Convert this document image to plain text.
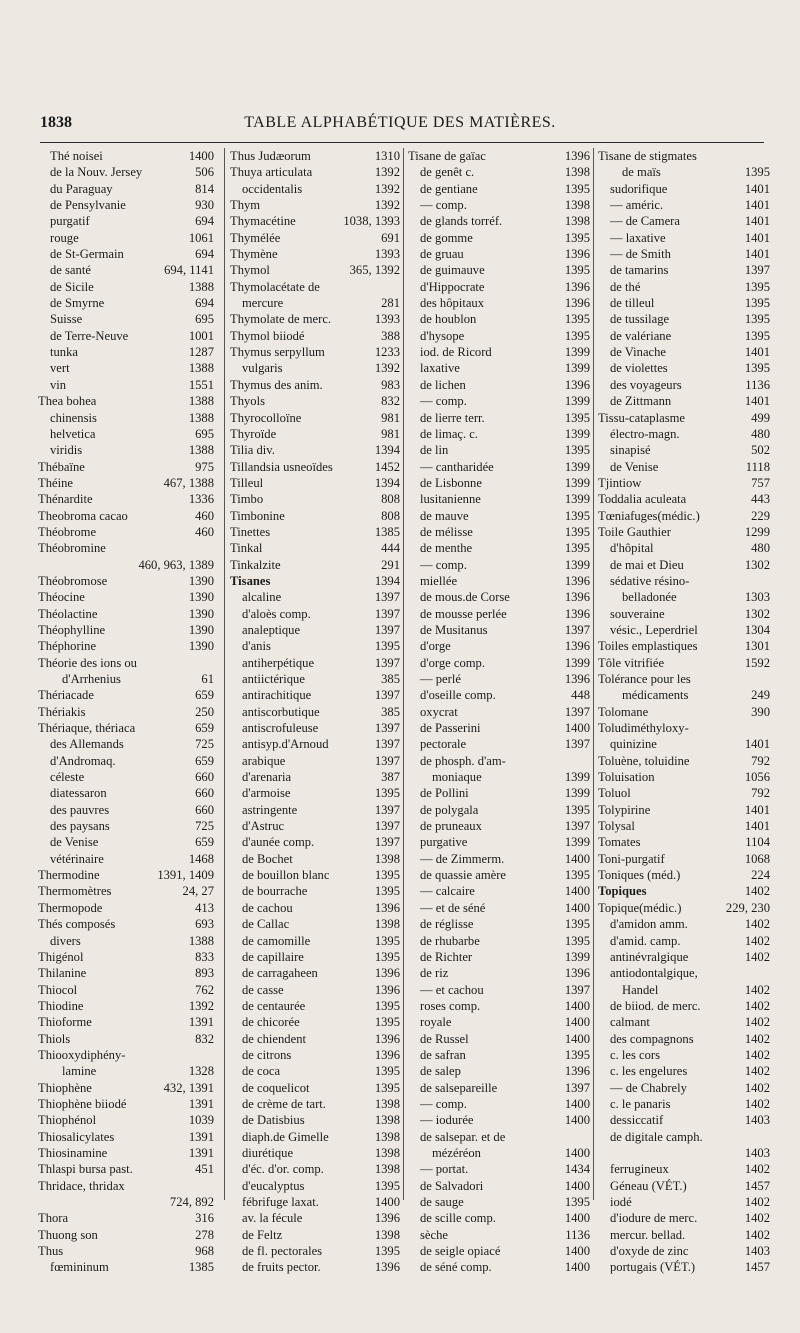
1838	TABLE ALPHABÉTIQUE DES MATIÈRES.
Thé noisei	1400
de la Nouv. Jersey	506
du Paraguay	814
de Pensylvanie	930
purgatif	694
rouge	1061
de St-Germain	694
de santé	694, 1141
de Sicile	1388
de Smyrne	694
Suisse	695
de Terre-Neuve	1001
tunka	1287
vert	1388
vin	1551
Thea bohea	1388
chinensis	1388
helvetica	695
viridis	1388
Thébaïne	975
Théine	467, 1388
Thénardite	1336
Theobroma cacao	460
Théobrome	460
Théobromine
460, 963, 1389
Théobromose	1390
Théocine	1390
Théolactine	1390
Théophylline	1390
Théphorine	1390
Théorie des ions ou
d'Arrhenius	61
Thériacade	659
Thériakis	250
Thériaque, thériaca	659
des Allemands	725
d'Andromaq.	659
céleste	660
diatessaron	660
des pauvres	660
des paysans	725
de Venise	659
vétérinaire	1468
Thermodine	1391, 1409
Thermomètres	24, 27
Thermopode	413
Thés composés	693
divers	1388
Thigénol	833
Thilanine	893
Thiocol	762
Thiodine	1392
Thioforme	1391
Thiols	832
Thiooxydiphény-
lamine	1328
Thiophène	432, 1391
Thiophène biiodé	1391
Thiophénol	1039
Thiosalicylates	1391
Thiosinamine	1391
Thlaspi bursa past.	451
Thridace, thridax
724, 892
Thora	316
Thuong son	278
Thus	968
fœmininum	1385
Thus Judæorum	1310
Thuya articulata	1392
occidentalis	1392
Thym	1392
Thymacétine	1038, 1393
Thymélée	691
Thymène	1393
Thymol	365, 1392
Thymolacétate de
mercure	281
Thymolate de merc.	1393
Thymol biiodé	388
Thymus serpyllum	1233
vulgaris	1392
Thymus des anim.	983
Thyols	832
Thyrocolloïne	981
Thyroïde	981
Tilia div.	1394
Tillandsia usneoïdes	1452
Tilleul	1394
Timbo	808
Timbonine	808
Tinettes	1385
Tinkal	444
Tinkalzite	291
Tisanes	1394
alcaline	1397
d'aloès comp.	1397
analeptique	1397
d'anis	1395
antiherpétique	1397
antiictérique	385
antirachitique	1397
antiscorbutique	385
antiscrofuleuse	1397
antisyp.d'Arnoud	1397
arabique	1397
d'arenaria	387
d'armoise	1395
astringente	1397
d'Astruc	1397
d'aunée comp.	1397
de Bochet	1398
de bouillon blanc	1395
de bourrache	1395
de cachou	1396
de Callac	1398
de camomille	1395
de capillaire	1395
de carragaheen	1396
de casse	1396
de centaurée	1395
de chicorée	1395
de chiendent	1396
de citrons	1396
de coca	1395
de coquelicot	1395
de crème de tart.	1398
de Datisbius	1398
diaph.de Gimelle	1398
diurétique	1398
d'éc. d'or. comp.	1398
d'eucalyptus	1395
fébrifuge laxat.	1400
av. la fécule	1396
de Feltz	1398
de fl. pectorales	1395
de fruits pector.	1396
Tisane de gaïac	1396
de genêt c.	1398
de gentiane	1395
— comp.	1398
de glands torréf.	1398
de gomme	1395
de gruau	1396
de guimauve	1395
d'Hippocrate	1396
des hôpitaux	1396
de houblon	1395
d'hysope	1395
iod. de Ricord	1399
laxative	1399
de lichen	1396
— comp.	1399
de lierre terr.	1395
de limaç. c.	1399
de lin	1395
— cantharidée	1399
de Lisbonne	1399
lusitanienne	1399
de mauve	1395
de mélisse	1395
de menthe	1395
— comp.	1399
miellée	1396
de mous.de Corse	1396
de mousse perlée	1396
de Musitanus	1397
d'orge	1396
d'orge comp.	1399
— perlé	1396
d'oseille comp.	448
oxycrat	1397
de Passerini	1400
pectorale	1397
de phosph. d'am-
moniaque	1399
de Pollini	1399
de polygala	1395
de pruneaux	1397
purgative	1399
— de Zimmerm.	1400
de quassie amère	1395
— calcaire	1400
— et de séné	1400
de réglisse	1395
de rhubarbe	1395
de Richter	1399
de riz	1396
— et cachou	1397
roses comp.	1400
royale	1400
de Russel	1400
de safran	1395
de salep	1396
de salsepareille	1397
— comp.	1400
— iodurée	1400
de salsepar. et de
mézéréon	1400
— portat.	1434
de Salvadori	1400
de sauge	1395
de scille comp.	1400
sèche	1136
de seigle opiacé	1400
de séné comp.	1400
Tisane de stigmates
de maïs	1395
sudorifique	1401
— améric.	1401
— de Camera	1401
— laxative	1401
— de Smith	1401
de tamarins	1397
de thé	1395
de tilleul	1395
de tussilage	1395
de valériane	1395
de Vinache	1401
de violettes	1395
des voyageurs	1136
de Zittmann	1401
Tissu-cataplasme	499
électro-magn.	480
sinapisé	502
de Venise	1118
Tjintiow	757
Toddalia aculeata	443
Tœniafuges(médic.)	229
Toile Gauthier	1299
d'hôpital	480
de mai et Dieu	1302
sédative résino-
belladonée	1303
souveraine	1302
vésic., Leperdriel	1304
Toiles emplastiques	1301
Tôle vitrifiée	1592
Tolérance pour les
médicaments	249
Tolomane	390
Toludiméthyloxy-
quinizine	1401
Toluène, toluidine	792
Toluisation	1056
Toluol	792
Tolypirine	1401
Tolysal	1401
Tomates	1104
Toni-purgatif	1068
Toniques (méd.)	224
Topiques	1402
Topique(médic.)	229, 230
d'amidon amm.	1402
d'amid. camp.	1402
antinévralgique	1402
antiodontalgique,
Handel	1402
de biiod. de merc.	1402
calmant	1402
des compagnons	1402
c. les cors	1402
c. les engelures	1402
— de Chabrely	1402
c. le panaris	1402
dessiccatif	1403
de digitale camph.
1403
ferrugineux	1402
Géneau (VÉT.)	1457
iodé	1402
d'iodure de merc.	1402
mercur. bellad.	1402
d'oxyde de zinc	1403
portugais (VÉT.)	1457
